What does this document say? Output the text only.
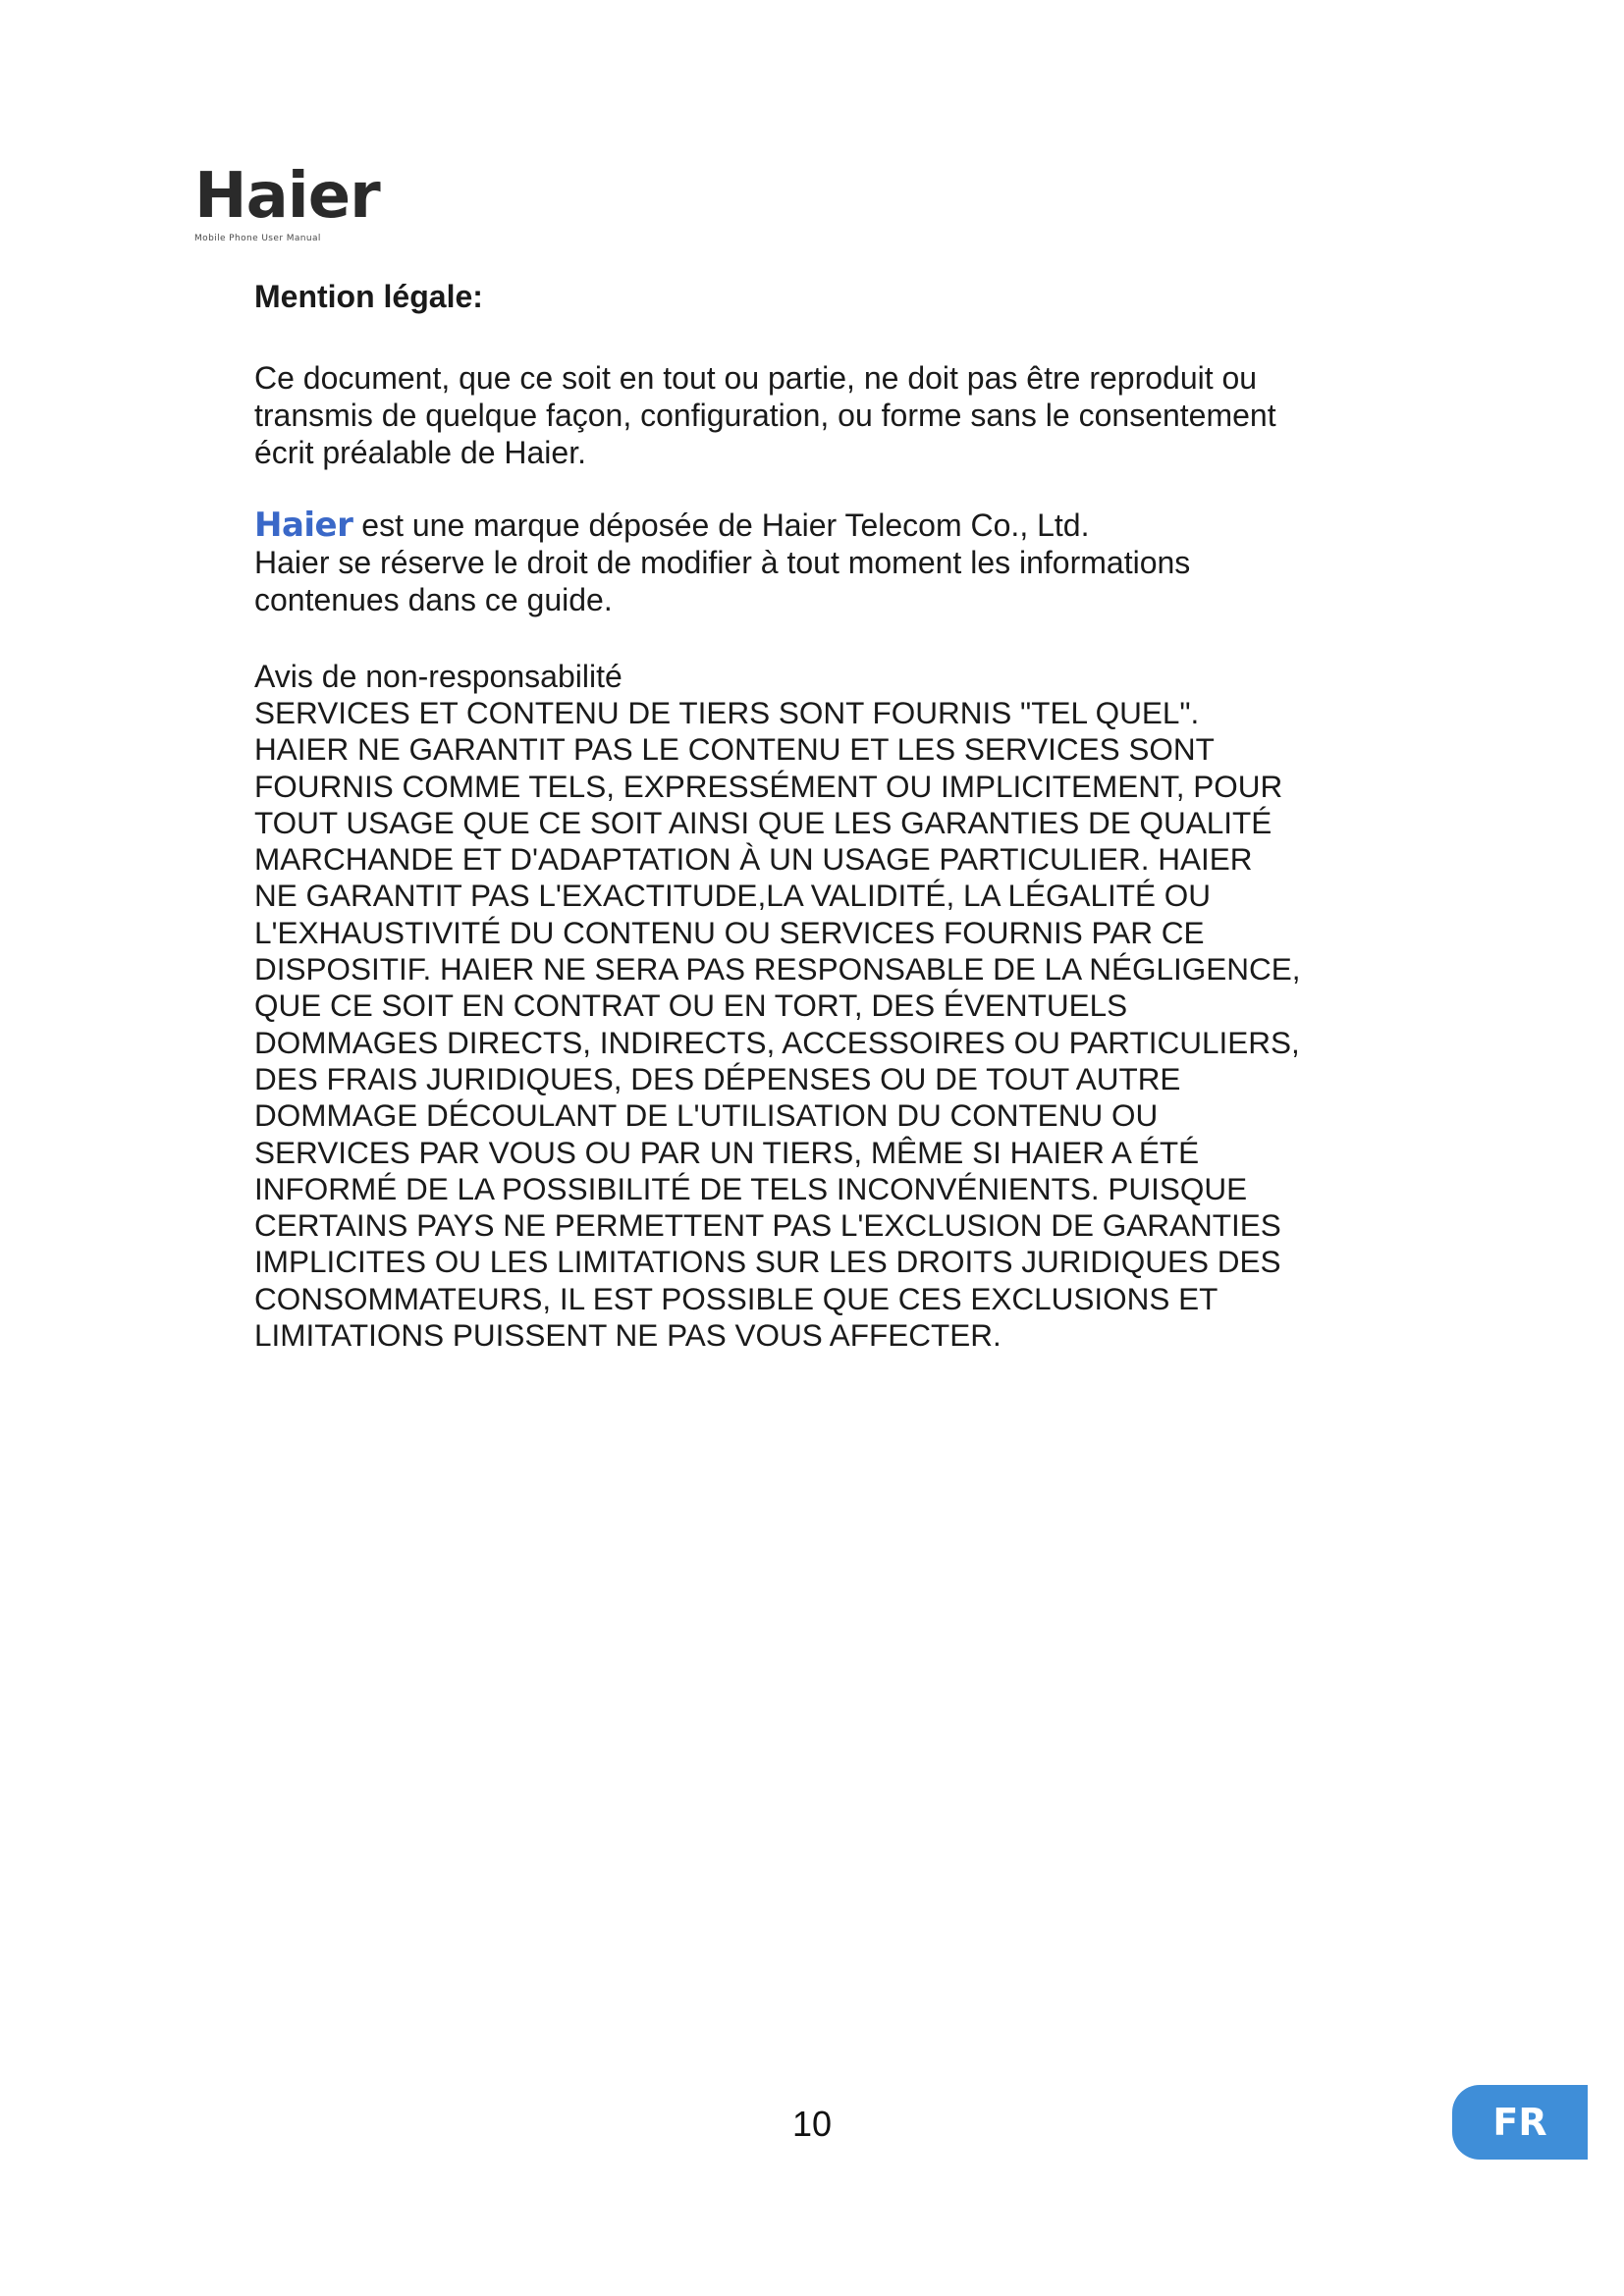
Haier
Mobile Phone User Manual
Mention légale:

Ce document, que ce soit en tout ou partie, ne doit pas être reproduit ou
transmis de quelque façon, configuration, ou forme sans le consentement
écrit préalable de Haier.

Haier est une marque déposée de Haier Telecom Co., Ltd.
Haier se réserve le droit de modifier à tout moment les informations
contenues dans ce guide.

Avis de non-responsabilité

SERVICES ET CONTENU DE TIERS SONT FOURNIS "TEL QUEL".
HAIER NE GARANTIT PAS LE CONTENU ET LES SERVICES SONT
FOURNIS COMME TELS, EXPRESSÉMENT OU IMPLICITEMENT, POUR
TOUT USAGE QUE CE SOIT AINSI QUE LES GARANTIES DE QUALITÉ
MARCHANDE ET D'ADAPTATION À UN USAGE PARTICULIER. HAIER
NE GARANTIT PAS L'EXACTITUDE,LA VALIDITÉ, LA LÉGALITÉ OU
L'EXHAUSTIVITÉ DU CONTENU OU SERVICES FOURNIS PAR CE
DISPOSITIF. HAIER NE SERA PAS RESPONSABLE DE LA NÉGLIGENCE,
QUE CE SOIT EN CONTRAT OU EN TORT, DES ÉVENTUELS
DOMMAGES DIRECTS, INDIRECTS, ACCESSOIRES OU PARTICULIERS,
DES FRAIS JURIDIQUES, DES DÉPENSES OU DE TOUT AUTRE
DOMMAGE DÉCOULANT DE L'UTILISATION DU CONTENU OU
SERVICES PAR VOUS OU PAR UN TIERS, MÊME SI HAIER A ÉTÉ
INFORMÉ DE LA POSSIBILITÉ DE TELS INCONVÉNIENTS. PUISQUE
CERTAINS PAYS NE PERMETTENT PAS L'EXCLUSION DE GARANTIES
IMPLICITES OU LES LIMITATIONS SUR LES DROITS JURIDIQUES DES
CONSOMMATEURS, IL EST POSSIBLE QUE CES EXCLUSIONS ET
LIMITATIONS PUISSENT NE PAS VOUS AFFECTER.

10	FR
